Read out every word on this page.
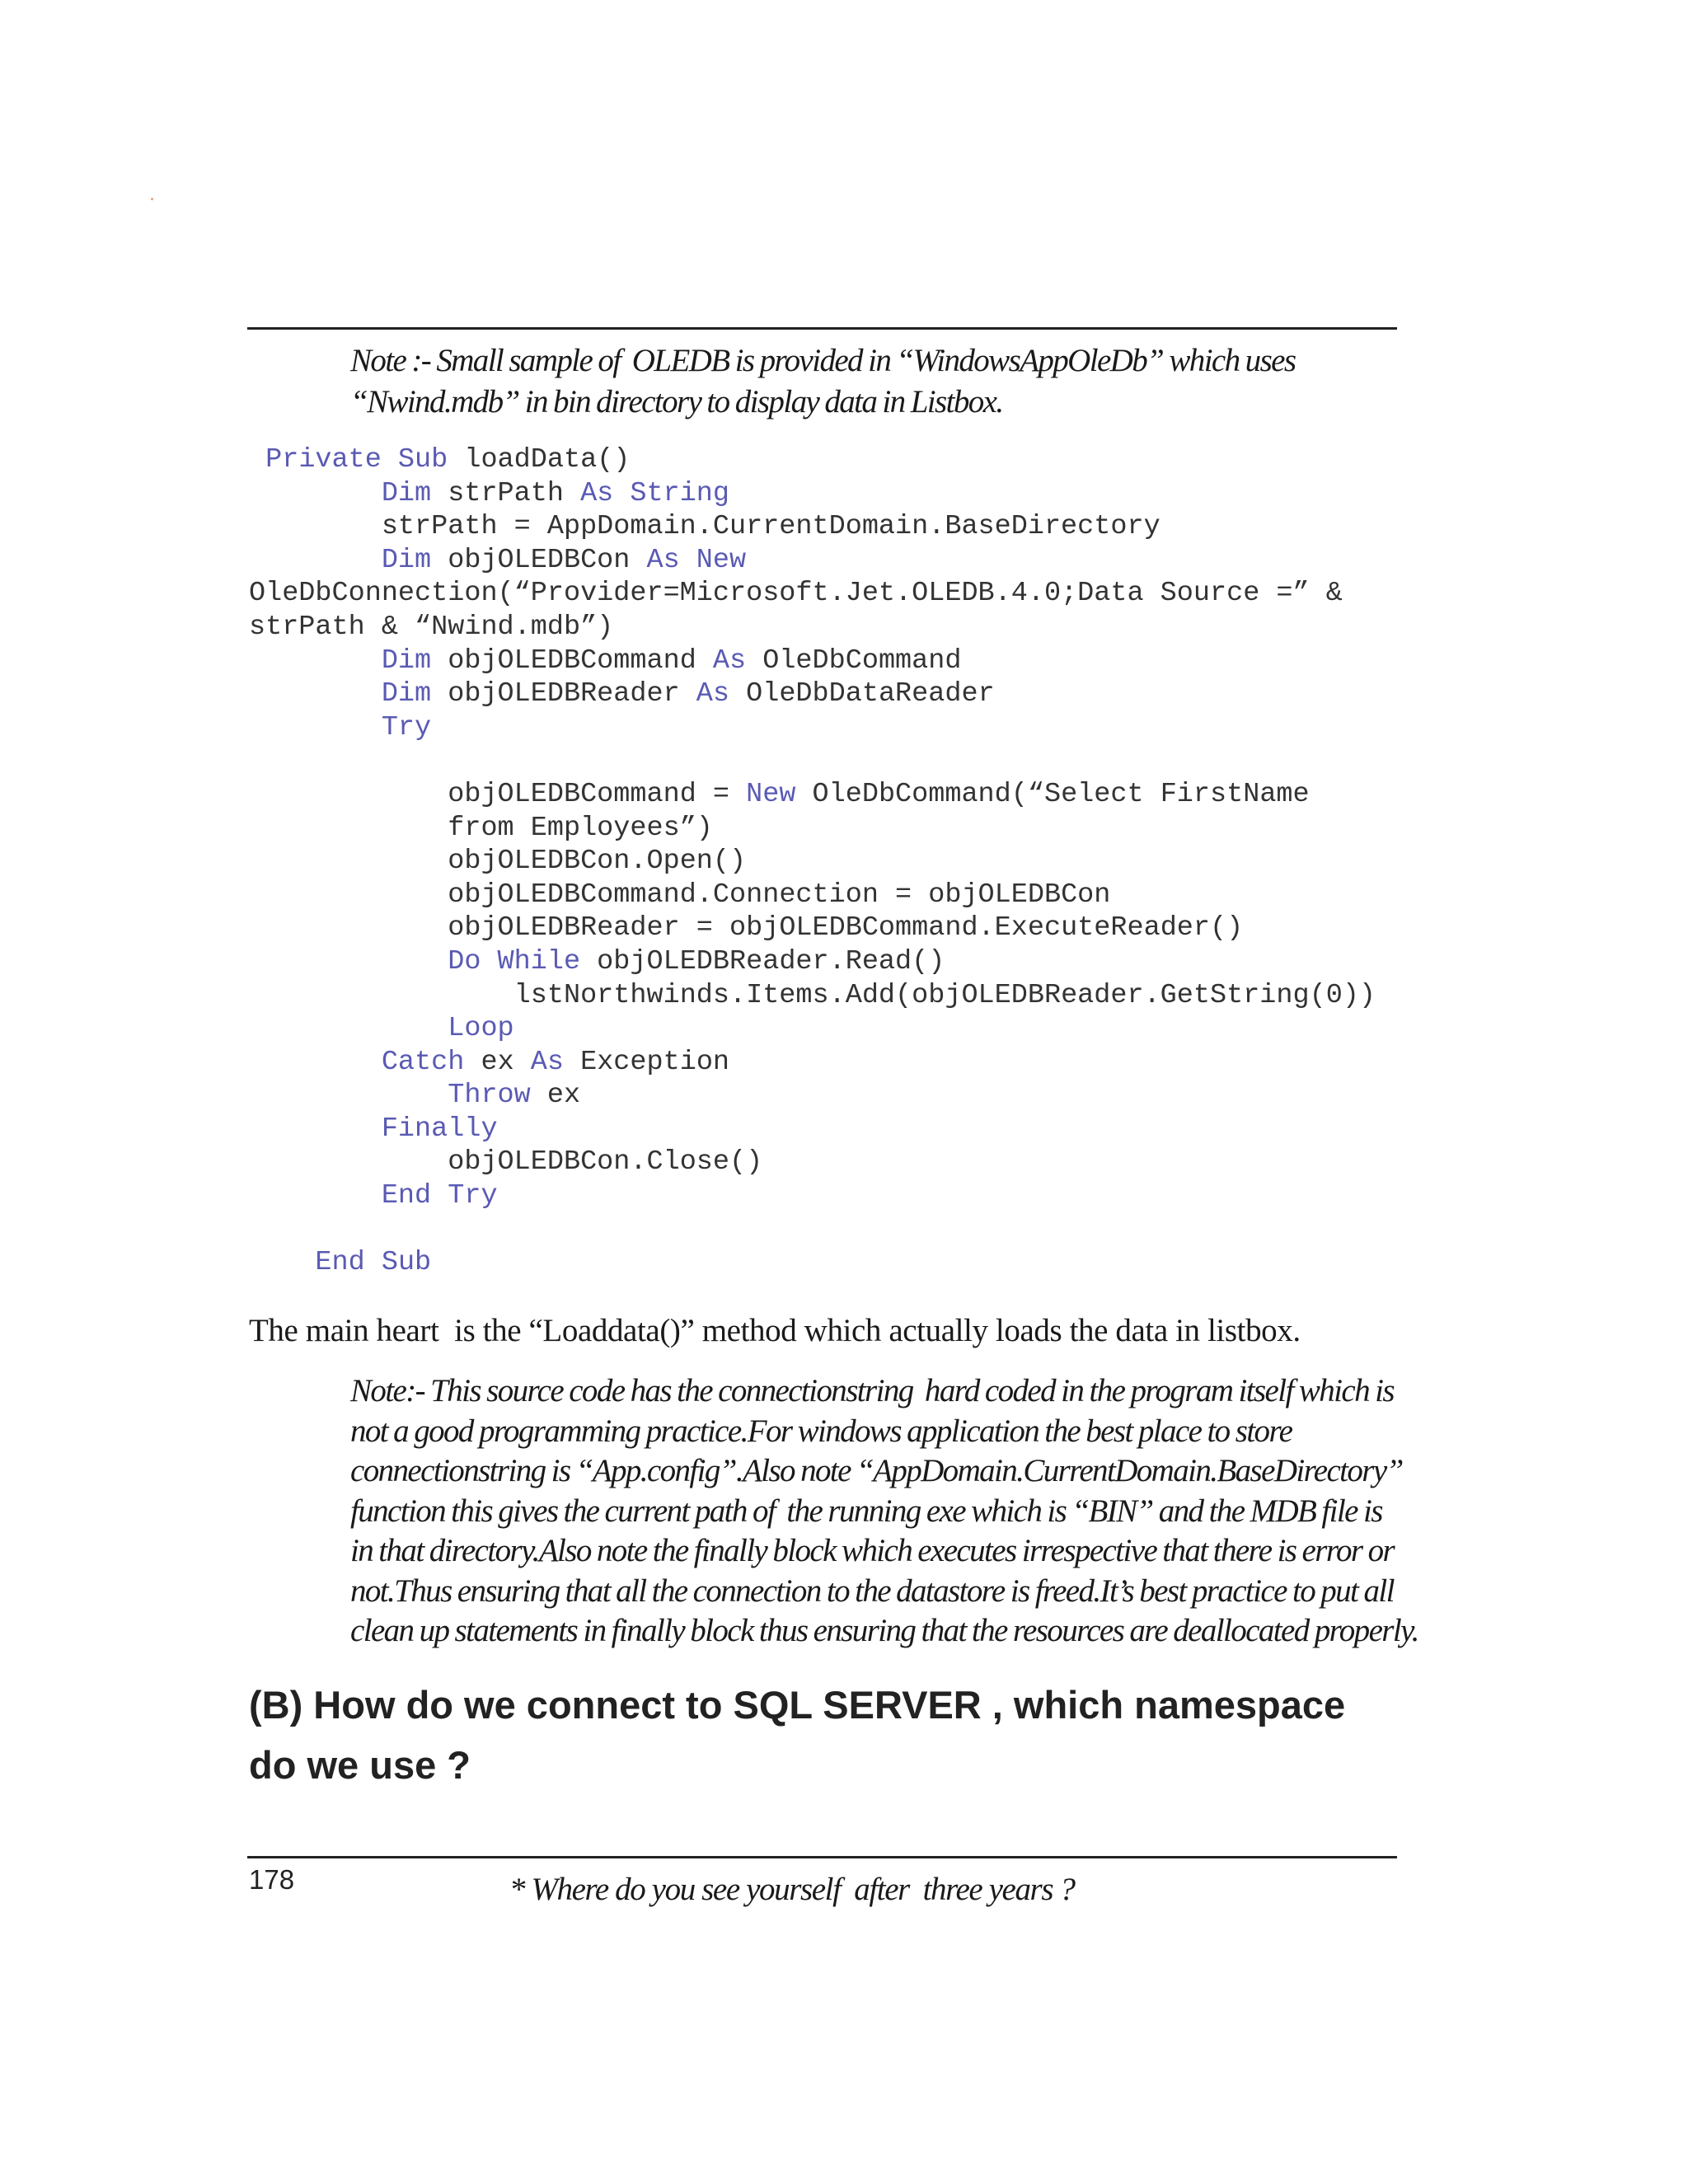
Note :- Small sample of  OLEDB is provided in “WindowsAppOleDb” which uses
“Nwind.mdb” in bin directory to display data in Listbox.
Private Sub loadData()
Dim strPath As String
strPath = AppDomain.CurrentDomain.BaseDirectory
Dim objOLEDBCon As New
OleDbConnection(“Provider=Microsoft.Jet.OLEDB.4.0;Data Source =” &
strPath & “Nwind.mdb”)
Dim objOLEDBCommand As OleDbCommand
Dim objOLEDBReader As OleDbDataReader
Try
objOLEDBCommand = New OleDbCommand(“Select FirstName
from Employees”)
objOLEDBCon.Open()
objOLEDBCommand.Connection = objOLEDBCon
objOLEDBReader = objOLEDBCommand.ExecuteReader()
Do While objOLEDBReader.Read()
lstNorthwinds.Items.Add(objOLEDBReader.GetString(0))
Loop
Catch ex As Exception
Throw ex
Finally
objOLEDBCon.Close()
End Try
End Sub
The main heart  is the “Loaddata()” method which actually loads the data in listbox.
Note:- This source code has the connectionstring  hard coded in the program itself which is
not a good programming practice.For windows application the best place to store
connectionstring is “App.config”.Also note “AppDomain.CurrentDomain.BaseDirectory”
function this gives the current path of  the running exe which is “BIN” and the MDB file is
in that directory.Also note the finally block which executes irrespective that there is error or
not.Thus ensuring that all the connection to the datastore is freed.It’s best practice to put all
clean up statements in finally block thus ensuring that the resources are deallocated properly.
(B) How do we connect to SQL SERVER , which namespace
do we use ?
178	* Where do you see yourself  after  three years ?
